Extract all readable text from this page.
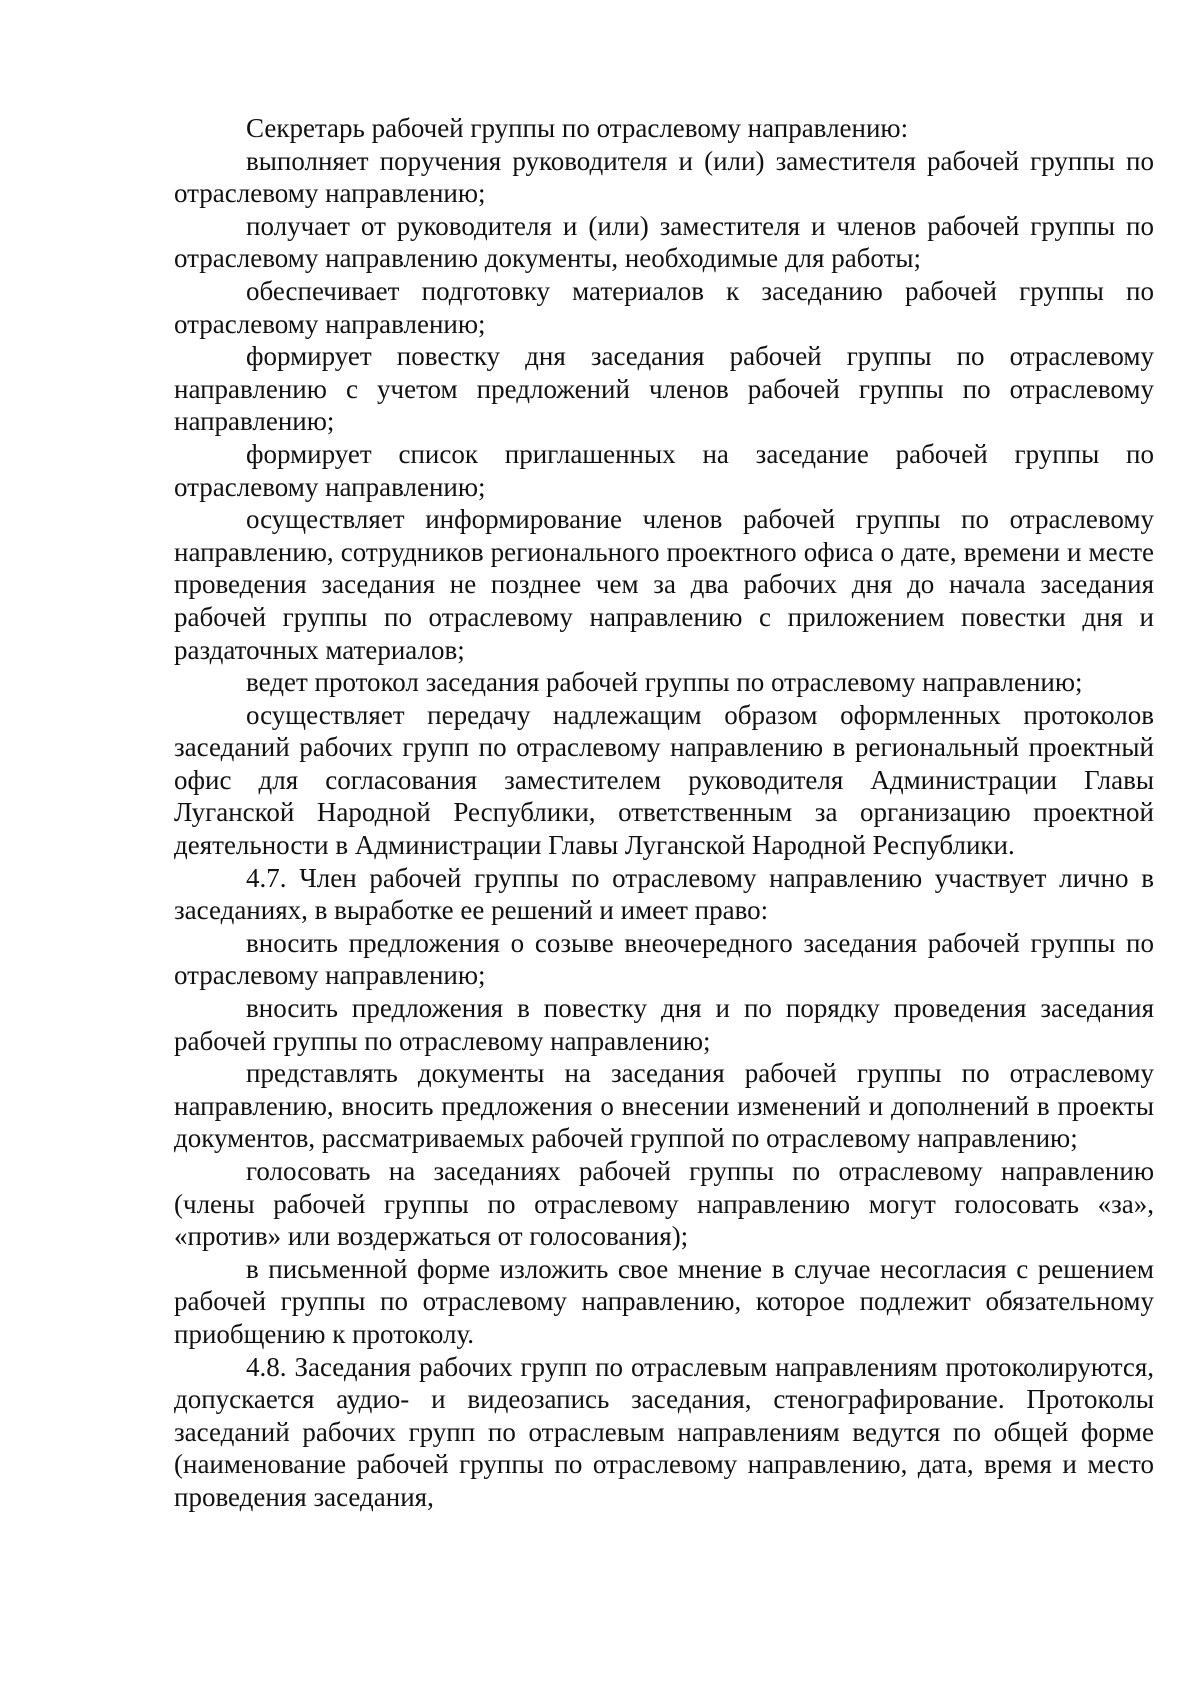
Секретарь рабочей группы по отраслевому направлению:

выполняет поручения руководителя и (или) заместителя рабочей группы по отраслевому направлению;

получает от руководителя и (или) заместителя и членов рабочей группы по отраслевому направлению документы, необходимые для работы;

обеспечивает подготовку материалов к заседанию рабочей группы по отраслевому направлению;

формирует повестку дня заседания рабочей группы по отраслевому направлению с учетом предложений членов рабочей группы по отраслевому направлению;

формирует список приглашенных на заседание рабочей группы по отраслевому направлению;

осуществляет информирование членов рабочей группы по отраслевому направлению, сотрудников регионального проектного офиса о дате, времени и месте проведения заседания не позднее чем за два рабочих дня до начала заседания рабочей группы по отраслевому направлению с приложением повестки дня и раздаточных материалов;

ведет протокол заседания рабочей группы по отраслевому направлению;

осуществляет передачу надлежащим образом оформленных протоколов заседаний рабочих групп по отраслевому направлению в региональный проектный офис для согласования заместителем руководителя Администрации Главы Луганской Народной Республики, ответственным за организацию проектной деятельности в Администрации Главы Луганской Народной Республики.

4.7. Член рабочей группы по отраслевому направлению участвует лично в заседаниях, в выработке ее решений и имеет право:

вносить предложения о созыве внеочередного заседания рабочей группы по отраслевому направлению;

вносить предложения в повестку дня и по порядку проведения заседания рабочей группы по отраслевому направлению;

представлять документы на заседания рабочей группы по отраслевому направлению, вносить предложения о внесении изменений и дополнений в проекты документов, рассматриваемых рабочей группой по отраслевому направлению;

голосовать на заседаниях рабочей группы по отраслевому направлению (члены рабочей группы по отраслевому направлению могут голосовать «за», «против» или воздержаться от голосования);

в письменной форме изложить свое мнение в случае несогласия с решением рабочей группы по отраслевому направлению, которое подлежит обязательному приобщению к протоколу.

4.8. Заседания рабочих групп по отраслевым направлениям протоколируются, допускается аудио- и видеозапись заседания, стенографирование. Протоколы заседаний рабочих групп по отраслевым направлениям ведутся по общей форме (наименование рабочей группы по отраслевому направлению, дата, время и место проведения заседания,
